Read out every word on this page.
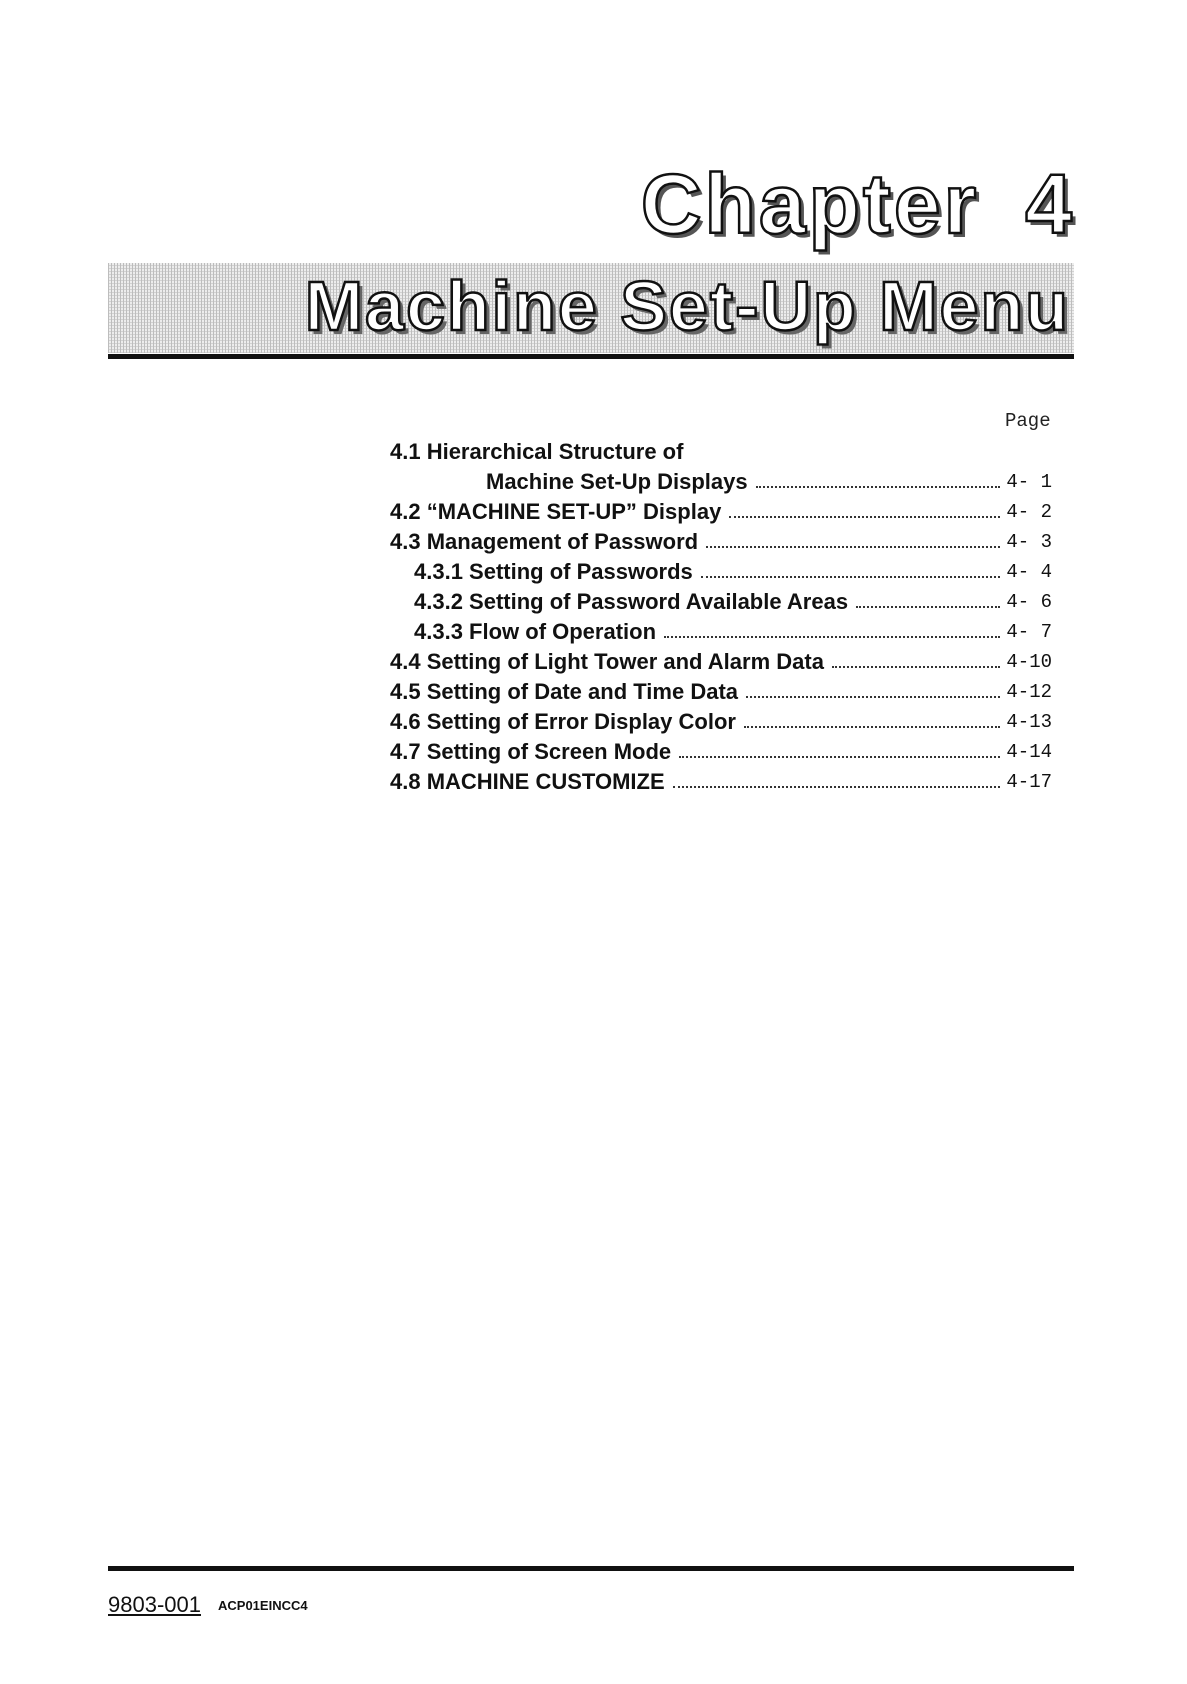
Chapter 4
Machine Set-Up Menu
Page
4.1 Hierarchical Structure of
Machine Set-Up Displays	4- 1
4.2 “MACHINE SET-UP” Display	4- 2
4.3 Management of Password	4- 3
4.3.1 Setting of Passwords	4- 4
4.3.2 Setting of Password Available Areas	4- 6
4.3.3 Flow of Operation	4- 7
4.4 Setting of Light Tower and Alarm Data	4-10
4.5 Setting of Date and Time Data	4-12
4.6 Setting of Error Display Color	4-13
4.7 Setting of Screen Mode	4-14
4.8 MACHINE CUSTOMIZE	4-17
9803-001 ACP01EINCC4
